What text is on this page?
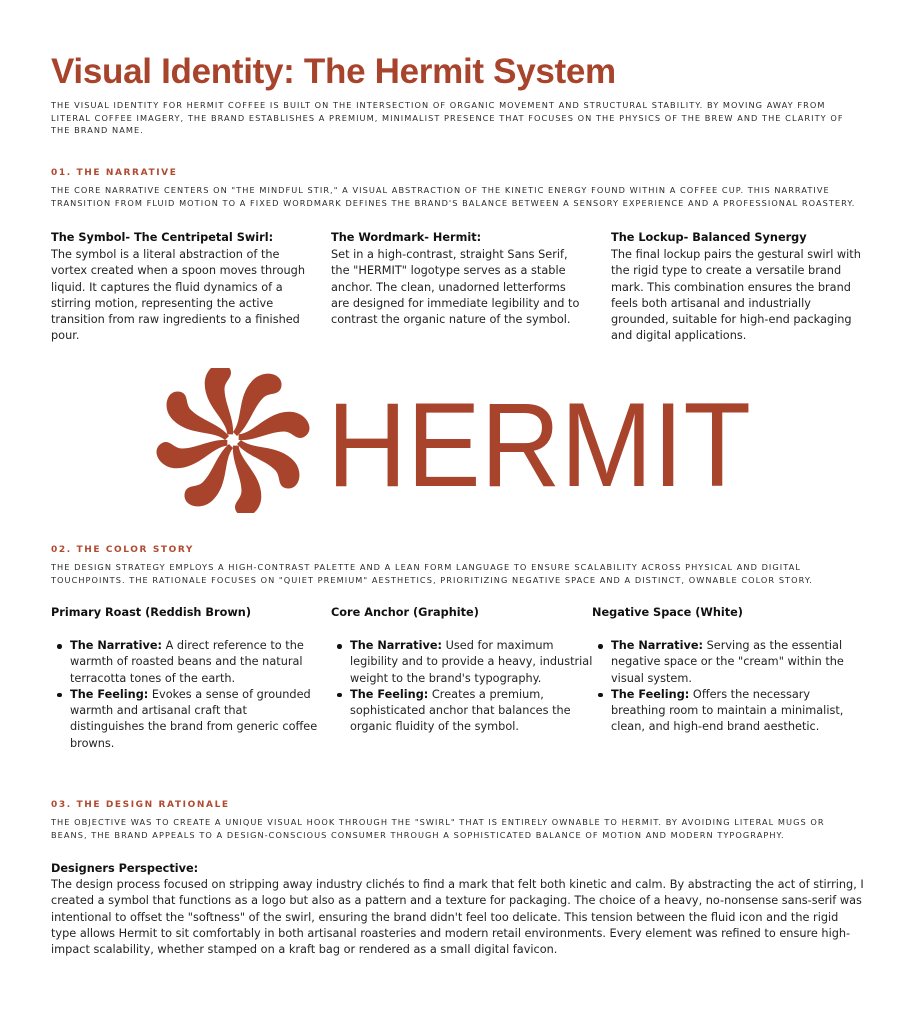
Visual Identity: The Hermit System

THE VISUAL IDENTITY FOR HERMIT COFFEE IS BUILT ON THE INTERSECTION OF ORGANIC MOVEMENT AND STRUCTURAL STABILITY. BY MOVING AWAY FROM LITERAL COFFEE IMAGERY, THE BRAND ESTABLISHES A PREMIUM, MINIMALIST PRESENCE THAT FOCUSES ON THE PHYSICS OF THE BREW AND THE CLARITY OF THE BRAND NAME.

01. THE NARRATIVE

THE CORE NARRATIVE CENTERS ON "THE MINDFUL STIR," A VISUAL ABSTRACTION OF THE KINETIC ENERGY FOUND WITHIN A COFFEE CUP. THIS NARRATIVE TRANSITION FROM FLUID MOTION TO A FIXED WORDMARK DEFINES THE BRAND'S BALANCE BETWEEN A SENSORY EXPERIENCE AND A PROFESSIONAL ROASTERY.

The Symbol- The Centripetal Swirl:

The symbol is a literal abstraction of the vortex created when a spoon moves through liquid. It captures the fluid dynamics of a stirring motion, representing the active transition from raw ingredients to a finished pour.

The Wordmark- Hermit:

Set in a high-contrast, straight Sans Serif, the "HERMIT" logotype serves as a stable anchor. The clean, unadorned letterforms are designed for immediate legibility and to contrast the organic nature of the symbol.

The Lockup- Balanced Synergy

The final lockup pairs the gestural swirl with the rigid type to create a versatile brand mark. This combination ensures the brand feels both artisanal and industrially grounded, suitable for high-end packaging and digital applications.

HERMIT
02. THE COLOR STORY

THE DESIGN STRATEGY EMPLOYS A HIGH-CONTRAST PALETTE AND A LEAN FORM LANGUAGE TO ENSURE SCALABILITY ACROSS PHYSICAL AND DIGITAL TOUCHPOINTS. THE RATIONALE FOCUSES ON "QUIET PREMIUM" AESTHETICS, PRIORITIZING NEGATIVE SPACE AND A DISTINCT, OWNABLE COLOR STORY.

Primary Roast (Reddish Brown)
The Narrative: A direct reference to the warmth of roasted beans and the natural terracotta tones of the earth.
The Feeling: Evokes a sense of grounded warmth and artisanal craft that distinguishes the brand from generic coffee browns.
Core Anchor (Graphite)
The Narrative: Used for maximum legibility and to provide a heavy, industrial weight to the brand's typography.
The Feeling: Creates a premium, sophisticated anchor that balances the organic fluidity of the symbol.
Negative Space (White)
The Narrative: Serving as the essential negative space or the "cream" within the visual system.
The Feeling: Offers the necessary breathing room to maintain a minimalist, clean, and high-end brand aesthetic.
03. THE DESIGN RATIONALE

THE OBJECTIVE WAS TO CREATE A UNIQUE VISUAL HOOK THROUGH THE "SWIRL" THAT IS ENTIRELY OWNABLE TO HERMIT. BY AVOIDING LITERAL MUGS OR BEANS, THE BRAND APPEALS TO A DESIGN-CONSCIOUS CONSUMER THROUGH A SOPHISTICATED BALANCE OF MOTION AND MODERN TYPOGRAPHY.

Designers Perspective:

The design process focused on stripping away industry clichés to find a mark that felt both kinetic and calm. By abstracting the act of stirring, I created a symbol that functions as a logo but also as a pattern and a texture for packaging. The choice of a heavy, no-nonsense sans-serif was intentional to offset the "softness" of the swirl, ensuring the brand didn't feel too delicate. This tension between the fluid icon and the rigid type allows Hermit to sit comfortably in both artisanal roasteries and modern retail environments. Every element was refined to ensure high-impact scalability, whether stamped on a kraft bag or rendered as a small digital favicon.
